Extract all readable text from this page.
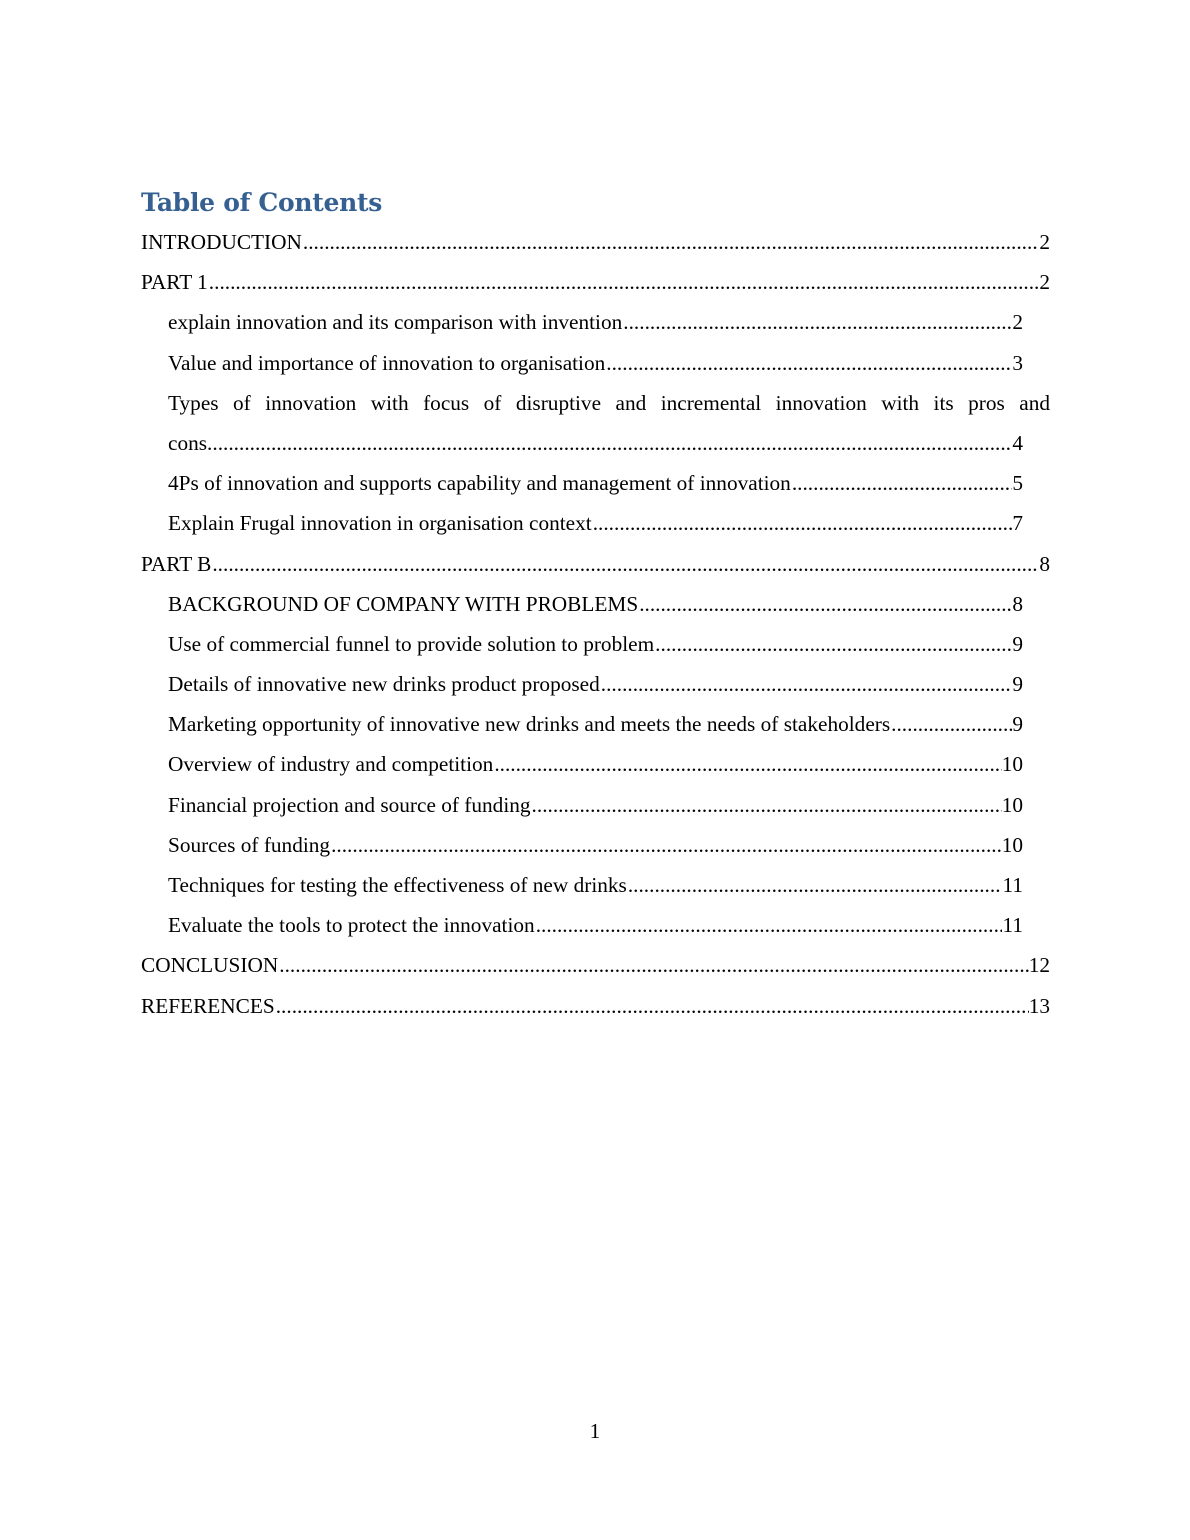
Table of Contents
INTRODUCTION .....	2
PART 1 .....	2
explain innovation and its comparison with invention .....	2
Value and importance of innovation to organisation .....	3
Types of innovation with focus of disruptive and incremental innovation with its pros and
cons .....	4
4Ps of innovation and supports capability and management of innovation .....	5
Explain Frugal innovation in organisation context .....	7
PART B .....	8
BACKGROUND OF COMPANY WITH PROBLEMS .....	8
Use of commercial funnel to provide solution to problem .....	9
Details of innovative new drinks product proposed .....	9
Marketing opportunity of innovative new drinks and meets the needs of stakeholders .....	9
Overview of industry and competition .....	10
Financial projection and source of funding .....	10
Sources of funding .....	10
Techniques for testing the effectiveness of new drinks .....	11
Evaluate the tools to protect the innovation .....	11
CONCLUSION .....	12
REFERENCES .....	13
1
